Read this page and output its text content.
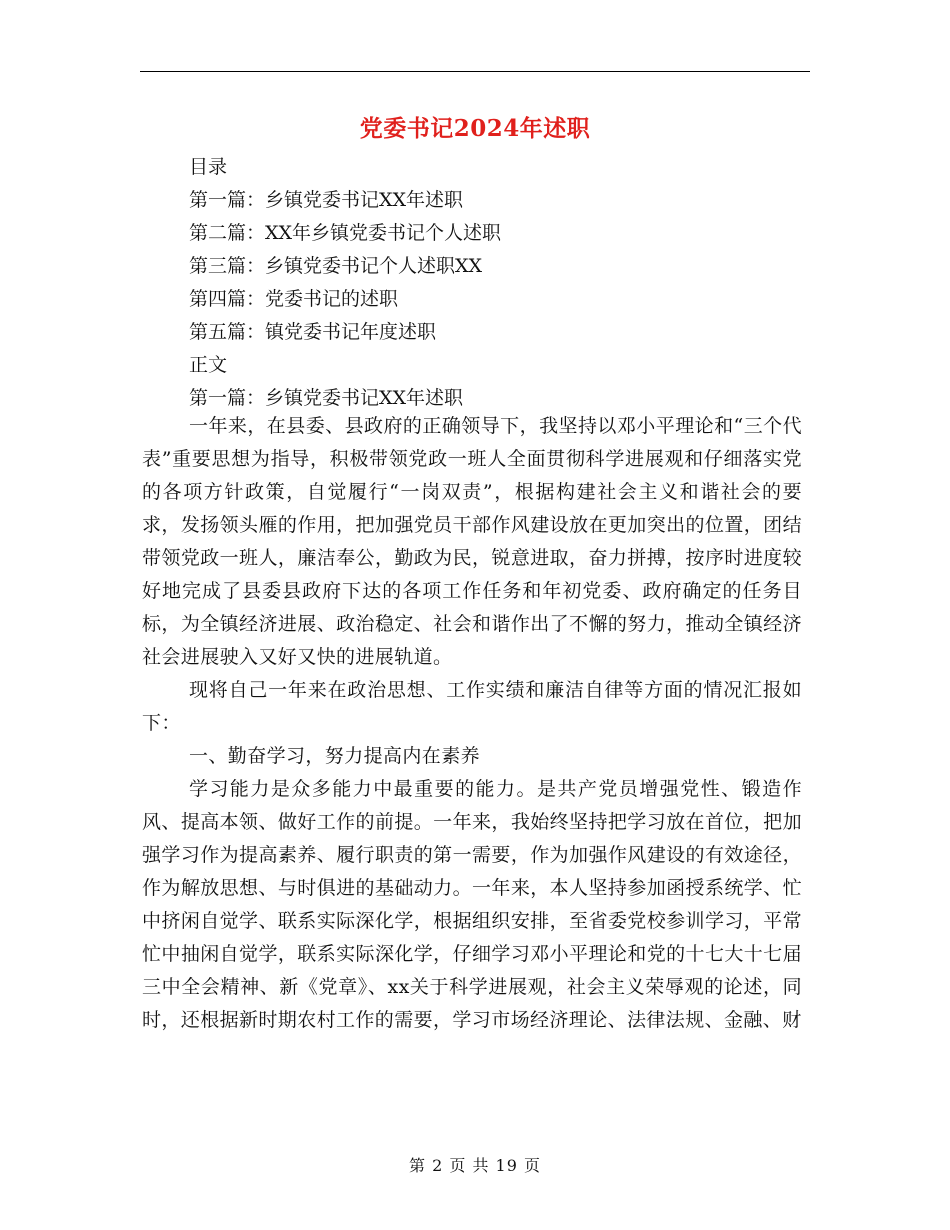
党委书记2024年述职
目录
第一篇：乡镇党委书记XX年述职
第二篇：XX年乡镇党委书记个人述职
第三篇：乡镇党委书记个人述职XX
第四篇：党委书记的述职
第五篇：镇党委书记年度述职
正文
第一篇：乡镇党委书记XX年述职

一年来，在县委、县政府的正确领导下，我坚持以邓小平理论和“三个代表”重要思想为指导，积极带领党政一班人全面贯彻科学进展观和仔细落实党的各项方针政策，自觉履行“一岗双责”，根据构建社会主义和谐社会的要求，发扬领头雁的作用，把加强党员干部作风建设放在更加突出的位置，团结带领党政一班人，廉洁奉公，勤政为民，锐意进取，奋力拼搏，按序时进度较好地完成了县委县政府下达的各项工作任务和年初党委、政府确定的任务目标，为全镇经济进展、政治稳定、社会和谐作出了不懈的努力，推动全镇经济社会进展驶入又好又快的进展轨道。

现将自己一年来在政治思想、工作实绩和廉洁自律等方面的情况汇报如下：

一、勤奋学习，努力提高内在素养

学习能力是众多能力中最重要的能力。是共产党员增强党性、锻造作风、提高本领、做好工作的前提。一年来，我始终坚持把学习放在首位，把加强学习作为提高素养、履行职责的第一需要，作为加强作风建设的有效途径，作为解放思想、与时俱进的基础动力。一年来，本人坚持参加函授系统学、忙中挤闲自觉学、联系实际深化学，根据组织安排，至省委党校参训学习，平常忙中抽闲自觉学，联系实际深化学，仔细学习邓小平理论和党的十七大十七届三中全会精神、新《党章》、xx关于科学进展观，社会主义荣辱观的论述，同时，还根据新时期农村工作的需要，学习市场经济理论、法律法规、金融、财

第 2 页 共 19 页
